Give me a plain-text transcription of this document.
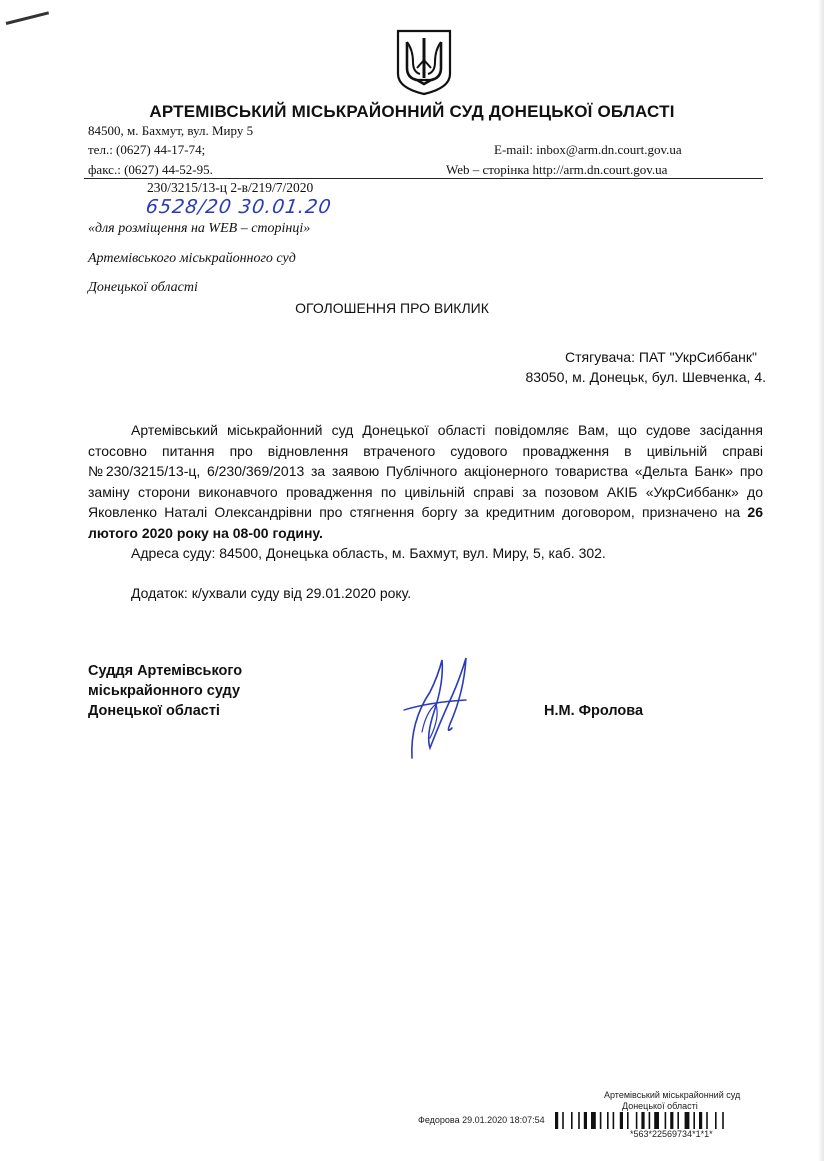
АРТЕМІВСЬКИЙ МІСЬКРАЙОННИЙ СУД ДОНЕЦЬКОЇ ОБЛАСТІ
84500, м. Бахмут, вул. Миру 5
тел.: (0627) 44-17-74;
факс.: (0627) 44-52-95.
E-mail: inbox@arm.dn.court.gov.ua
Web – сторінка http://arm.dn.court.gov.ua
230/3215/13-ц 2-в/219/7/2020
6528/20 30.01.20
«для розміщення на WEB – сторінці»
Артемівського міськрайонного суд
Донецької області
ОГОЛОШЕННЯ ПРО ВИКЛИК
Стягувача: ПАТ "УкрСиббанк"
83050, м. Донецьк, бул. Шевченка, 4.

Артемівський міськрайонний суд Донецької області повідомляє Вам, що судове засідання стосовно питання про відновлення втраченого судового провадження в цивільній справі №230/3215/13-ц, 6/230/369/2013 за заявою Публічного акціонерного товариства «Дельта Банк» про заміну сторони виконавчого провадження по цивільній справі за позовом АКІБ «УкрСиббанк» до Яковленко Наталі Олександрівни про стягнення боргу за кредитним договором, призначено на 26 лютого 2020 року на 08-00 годину.

Адреса суду: 84500, Донецька область, м. Бахмут, вул. Миру, 5, каб. 302.
Додаток: к/ухвали суду від 29.01.2020 року.
Суддя Артемівського
міськрайонного суду
Донецької області	Н.М. Фролова
Артемівський міськрайонний суд
Донецької області
Федорова 29.01.2020 18:07:54
*563*22569734*1*1*
